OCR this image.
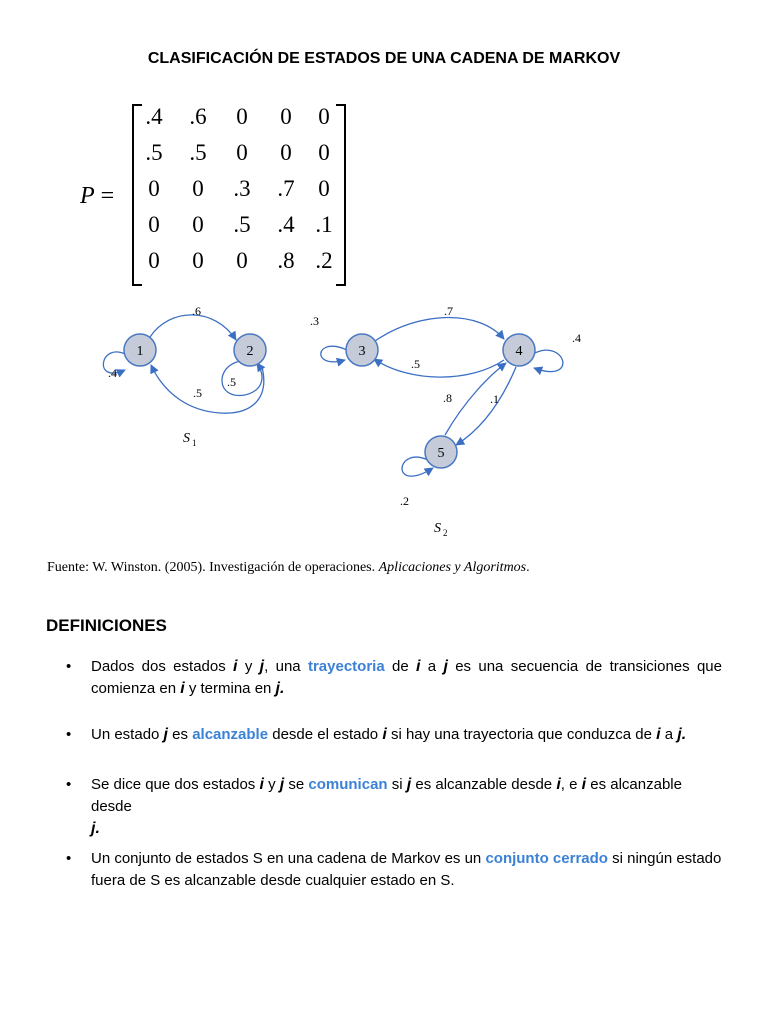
CLASIFICACIÓN DE ESTADOS DE UNA CADENA DE MARKOV
P =
.4	.6	0	0	0
.5	.5	0	0	0
0	0	.3	.7	0
0	0	.5	.4 .1
0	0	0	.8 .2
1	2	3	4
5
.6
.5
.4
.5
.7
.5
.3
.4
.8	.1
.2
S 1
S 2
Fuente: W. Winston. (2005). Investigación de operaciones. Aplicaciones y Algoritmos.
DEFINICIONES
• Dados dos estados i y j, una trayectoria de i a j es una secuencia de transiciones que comienza en i y termina en j.
• Un estado j es alcanzable desde el estado i si hay una trayectoria que conduzca de i a j.
• Se dice que dos estados i y j se comunican si j es alcanzable desde i, e i es alcanzable desde
j.
• Un conjunto de estados S en una cadena de Markov es un conjunto cerrado si ningún estado fuera de S es alcanzable desde cualquier estado en S.
